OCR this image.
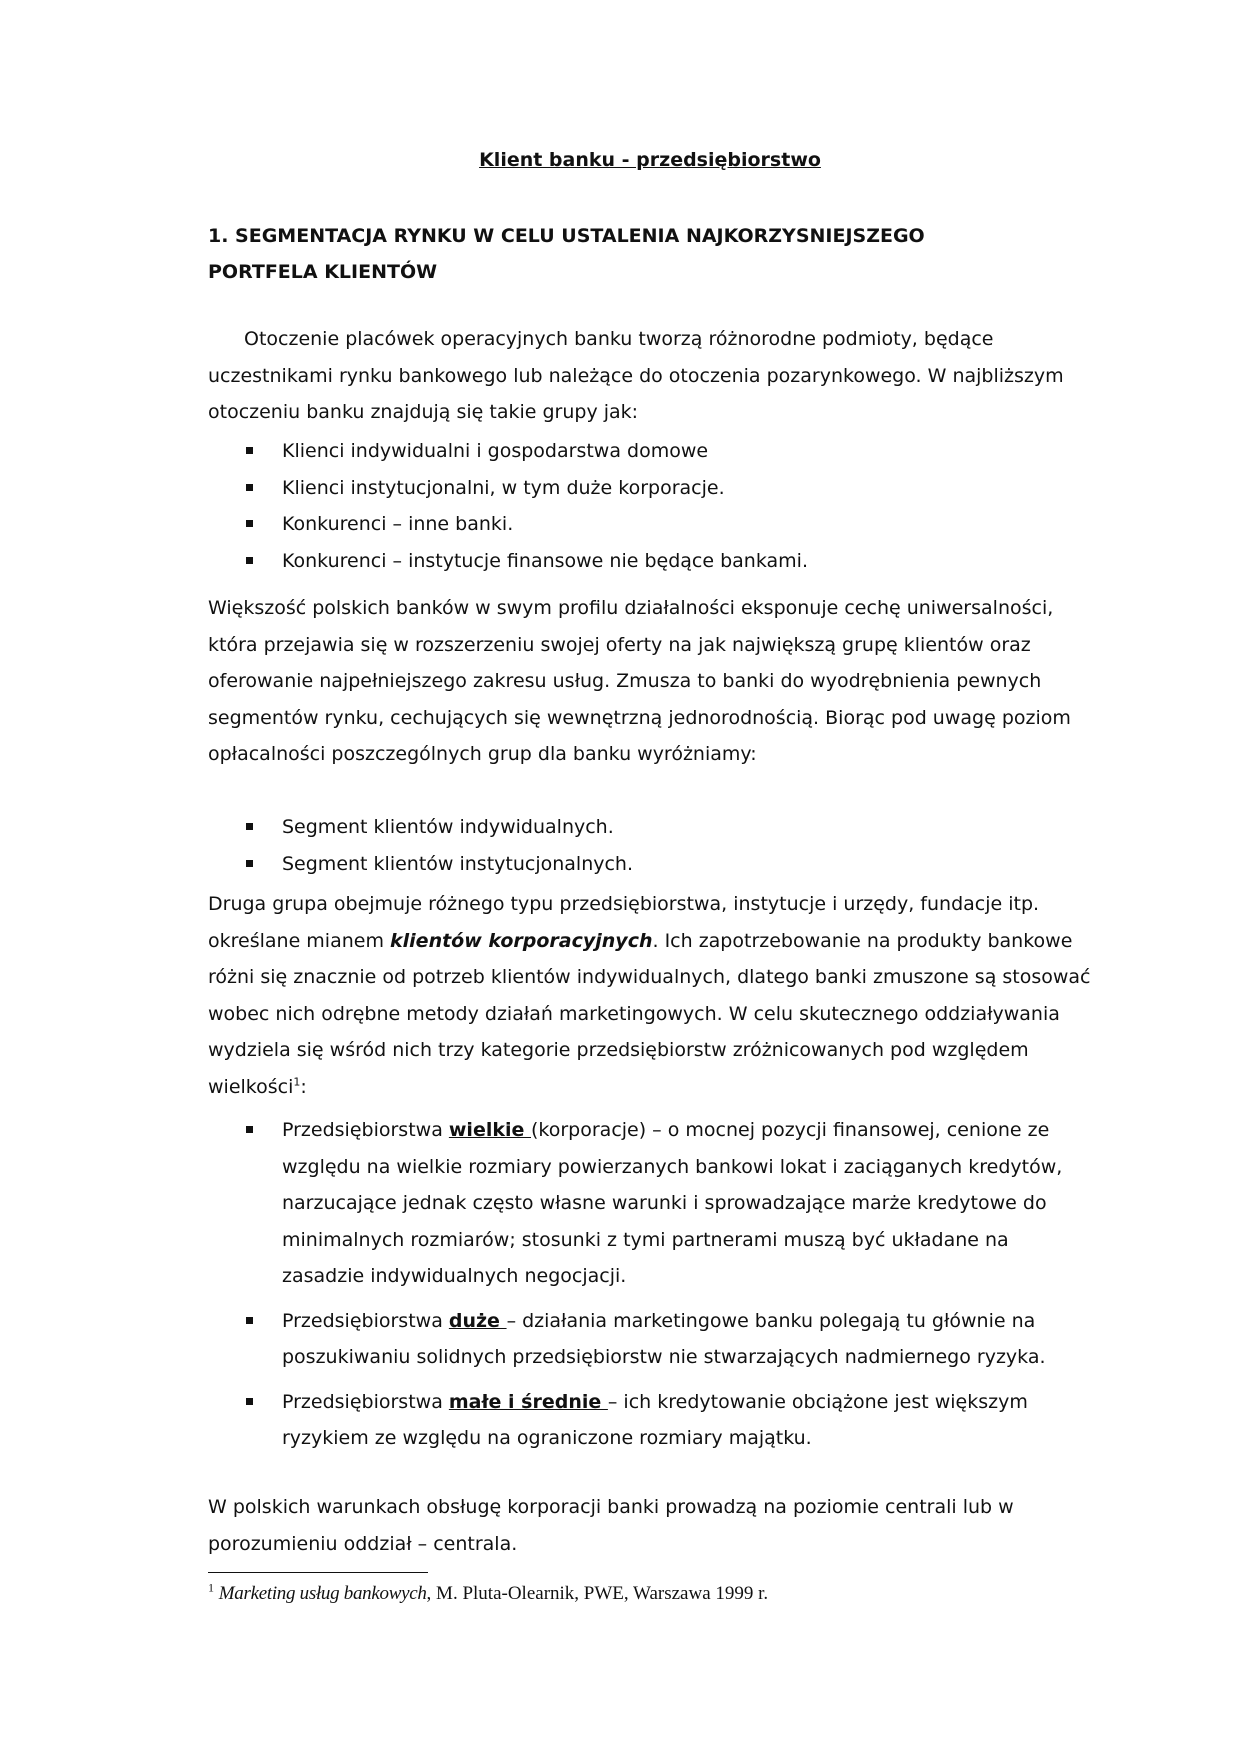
Klient banku - przedsiębiorstwo
1. SEGMENTACJA RYNKU W CELU USTALENIA NAJKORZYSNIEJSZEGO
PORTFELA KLIENTÓW

Otoczenie placówek operacyjnych banku tworzą różnorodne podmioty, będące uczestnikami rynku bankowego lub należące do otoczenia pozarynkowego. W najbliższym otoczeniu banku znajdują się takie grupy jak:

Klienci indywidualni i gospodarstwa domowe
Klienci instytucjonalni, w tym duże korporacje.
Konkurenci – inne banki.
Konkurenci – instytucje finansowe nie będące bankami.

Większość polskich banków w swym profilu działalności eksponuje cechę uniwersalności, która przejawia się w rozszerzeniu swojej oferty na jak największą grupę klientów oraz oferowanie najpełniejszego zakresu usług. Zmusza to banki do wyodrębnienia pewnych segmentów rynku, cechujących się wewnętrzną jednorodnością. Biorąc pod uwagę poziom opłacalności poszczególnych grup dla banku wyróżniamy:

Segment klientów indywidualnych.
Segment klientów instytucjonalnych.

Druga grupa obejmuje różnego typu przedsiębiorstwa, instytucje i urzędy, fundacje itp. określane mianem klientów korporacyjnych. Ich zapotrzebowanie na produkty bankowe różni się znacznie od potrzeb klientów indywidualnych, dlatego banki zmuszone są stosować wobec nich odrębne metody działań marketingowych. W celu skutecznego oddziaływania wydziela się wśród nich trzy kategorie przedsiębiorstw zróżnicowanych pod względem wielkości$^1$:

Przedsiębiorstwa wielkie (korporacje) – o mocnej pozycji finansowej, cenione ze względu na wielkie rozmiary powierzanych bankowi lokat i zaciąganych kredytów, narzucające jednak często własne warunki i sprowadzające marże kredytowe do minimalnych rozmiarów; stosunki z tymi partnerami muszą być układane na zasadzie indywidualnych negocjacji.
Przedsiębiorstwa duże – działania marketingowe banku polegają tu głównie na poszukiwaniu solidnych przedsiębiorstw nie stwarzających nadmiernego ryzyka.
Przedsiębiorstwa małe i średnie – ich kredytowanie obciążone jest większym ryzykiem ze względu na ograniczone rozmiary majątku.

W polskich warunkach obsługę korporacji banki prowadzą na poziomie centrali lub w porozumieniu oddział – centrala.

$^1$ Marketing usług bankowych, M. Pluta-Olearnik, PWE, Warszawa 1999 r.
